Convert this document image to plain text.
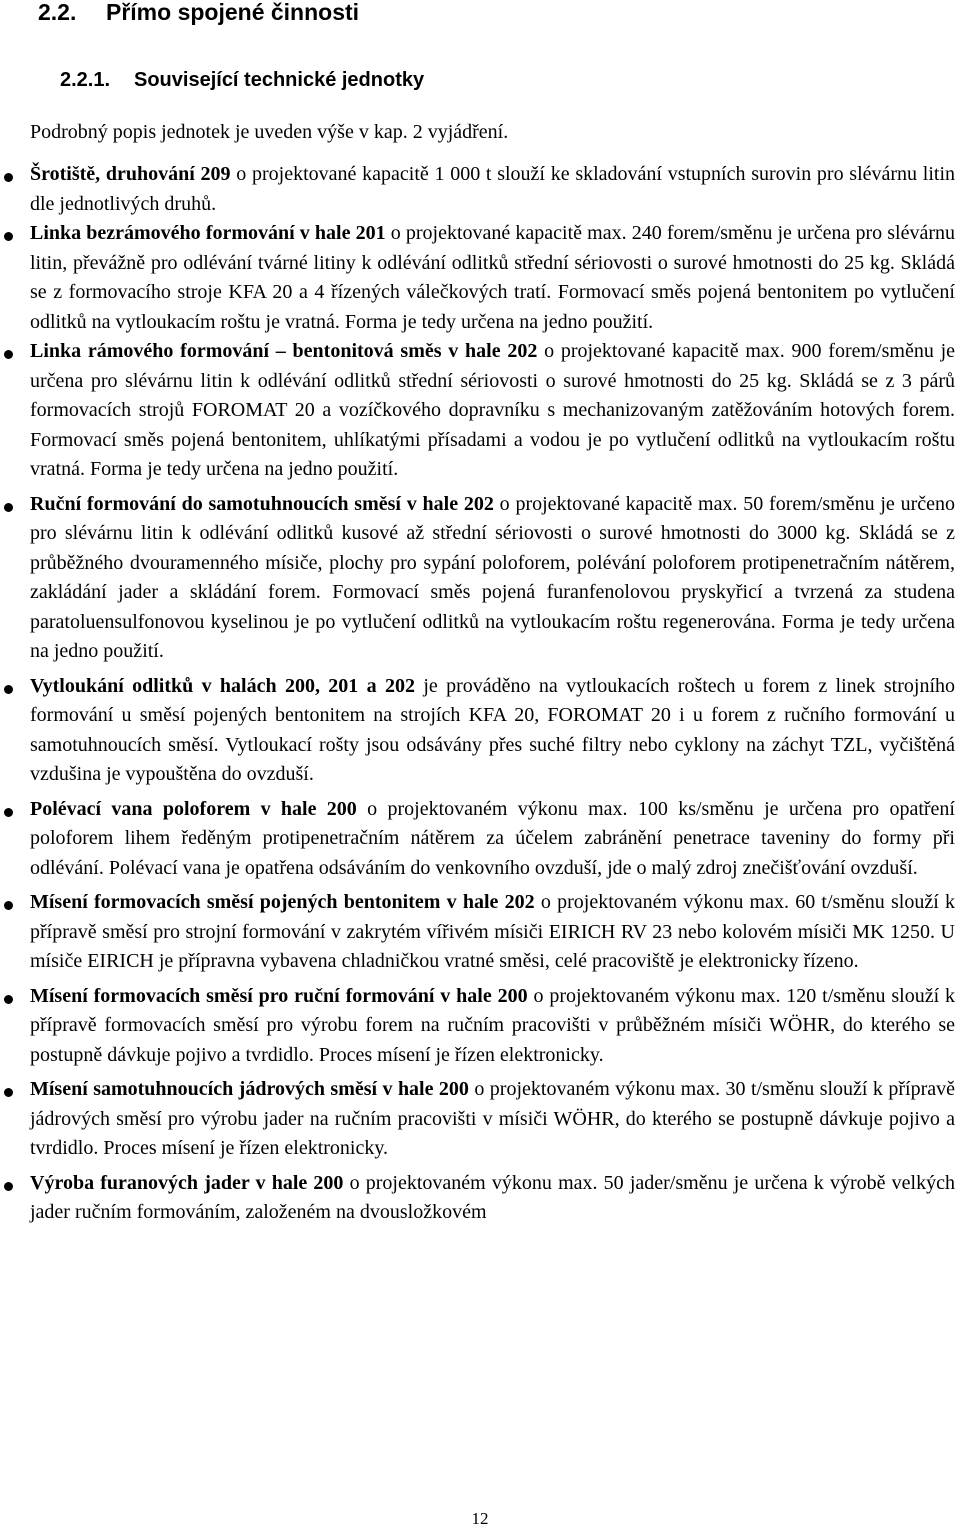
2.2. Přímo spojené činnosti
2.2.1. Související technické jednotky
Podrobný popis jednotek je uveden výše v kap. 2 vyjádření.
Šrotiště, druhování 209 o projektované kapacitě 1 000 t slouží ke skladování vstupních surovin pro slévárnu litin dle jednotlivých druhů.
Linka bezrámového formování v hale 201 o projektované kapacitě max. 240 forem/směnu je určena pro slévárnu litin, převážně pro odlévání tvárné litiny k odlévání odlitků střední sériovosti o surové hmotnosti do 25 kg. Skládá se z formovacího stroje KFA 20 a 4 řízených válečkových tratí. Formovací směs pojená bentonitem po vytlučení odlitků na vytloukacím roštu je vratná. Forma je tedy určena na jedno použití.
Linka rámového formování – bentonitová směs v hale 202 o projektované kapacitě max. 900 forem/směnu je určena pro slévárnu litin k odlévání odlitků střední sériovosti o surové hmotnosti do 25 kg. Skládá se z 3 párů formovacích strojů FOROMAT 20 a vozíčkového dopravníku s mechanizovaným zatěžováním hotových forem. Formovací směs pojená bentonitem, uhlíkatými přísadami a vodou je po vytlučení odlitků na vytloukacím roštu vratná. Forma je tedy určena na jedno použití.
Ruční formování do samotuhnoucích směsí v hale 202 o projektované kapacitě max. 50 forem/směnu je určeno pro slévárnu litin k odlévání odlitků kusové až střední sériovosti o surové hmotnosti do 3000 kg. Skládá se z průběžného dvouramenného mísiče, plochy pro sypání poloforem, polévání poloforem protipenetračním nátěrem, zakládání jader a skládání forem. Formovací směs pojená furanfenolovou pryskyřicí a tvrzená za studena paratoluensulfonovou kyselinou je po vytlučení odlitků na vytloukacím roštu regenerována. Forma je tedy určena na jedno použití.
Vytloukání odlitků v halách 200, 201 a 202 je prováděno na vytloukacích roštech u forem z linek strojního formování u směsí pojených bentonitem na strojích KFA 20, FOROMAT 20 i u forem z ručního formování u samotuhnoucích směsí. Vytloukací rošty jsou odsávány přes suché filtry nebo cyklony na záchyt TZL, vyčištěná vzdušina je vypouštěna do ovzduší.
Polévací vana poloforem v hale 200 o projektovaném výkonu max. 100 ks/směnu je určena pro opatření poloforem lihem ředěným protipenetračním nátěrem za účelem zabránění penetrace taveniny do formy při odlévání. Polévací vana je opatřena odsáváním do venkovního ovzduší, jde o malý zdroj znečišťování ovzduší.
Mísení formovacích směsí pojených bentonitem v hale 202 o projektovaném výkonu max. 60 t/směnu slouží k přípravě směsí pro strojní formování v zakrytém vířivém mísiči EIRICH RV 23 nebo kolovém mísiči MK 1250. U mísiče EIRICH je přípravna vybavena chladničkou vratné směsi, celé pracoviště je elektronicky řízeno.
Mísení formovacích směsí pro ruční formování v hale 200 o projektovaném výkonu max. 120 t/směnu slouží k přípravě formovacích směsí pro výrobu forem na ručním pracovišti v průběžném mísiči WÖHR, do kterého se postupně dávkuje pojivo a tvrdidlo. Proces mísení je řízen elektronicky.
Mísení samotuhnoucích jádrových směsí v hale 200 o projektovaném výkonu max. 30 t/směnu slouží k přípravě jádrových směsí pro výrobu jader na ručním pracovišti v mísiči WÖHR, do kterého se postupně dávkuje pojivo a tvrdidlo. Proces mísení je řízen elektronicky.
Výroba furanových jader v hale 200 o projektovaném výkonu max. 50 jader/směnu je určena k výrobě velkých jader ručním formováním, založeném na dvousložkovém
12
